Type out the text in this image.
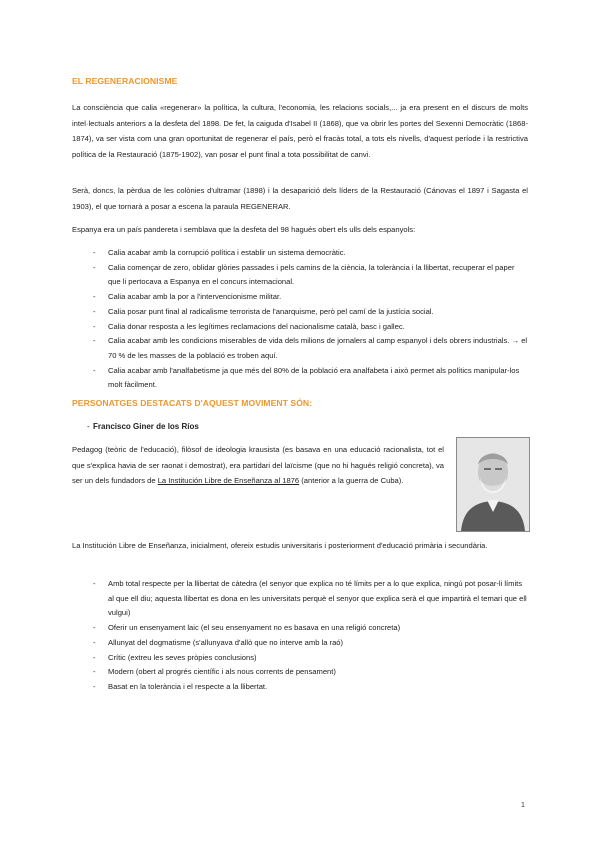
EL REGENERACIONISME

La consciència que calia «regenerar» la política, la cultura, l'economia, les relacions socials,... ja era present en el discurs de molts intel·lectuals anteriors a la desfeta del 1898. De fet, la caiguda d'Isabel II (1868), que va obrir les portes del Sexenni Democràtic (1868-1874), va ser vista com una gran oportunitat de regenerar el país, però el fracàs total, a tots els nivells, d'aquest període i la restrictiva política de la Restauració (1875-1902), van posar el punt final a tota possibilitat de canvi.

Serà, doncs, la pèrdua de les colònies d'ultramar (1898) i la desaparició dels líders de la Restauració (Cánovas el 1897 i Sagasta el 1903), el que tornarà a posar a escena la paraula REGENERAR.

Espanya era un país pandereta i semblava que la desfeta del 98 hagués obert els ulls dels espanyols:

- Calia acabar amb la corrupció política i establir un sistema democràtic.
- Calia començar de zero, oblidar glòries passades i pels camins de la ciència, la tolerància i la llibertat, recuperar el paper que li pertocava a Espanya en el concurs internacional.
- Calia acabar amb la por a l'intervencionisme militar.
- Calia posar punt final al radicalisme terrorista de l'anarquisme, però pel camí de la justícia social.
- Calia donar resposta a les legítimes reclamacions del nacionalisme català, basc i gallec.
- Calia acabar amb les condicions miserables de vida dels milions de jornalers al camp espanyol i dels obrers industrials. → el 70 % de les masses de la població es troben aquí.
- Calia acabar amb l'analfabetisme ja que més del 80% de la població era analfabeta i això permet als polítics manipular-los molt fàcilment.
PERSONATGES DESTACATS D'AQUEST MOVIMENT SÓN:
- Francisco Giner de los Ríos

Pedagog (teòric de l'educació), filòsof de ideologia krausista (es basava en una educació racionalista, tot el que s'explica havia de ser raonat i demostrat), era partidari del laïcisme (que no hi hagués religió concreta), va ser un dels fundadors de La Institución Libre de Enseñanza al 1876 (anterior a la guerra de Cuba).

La Institución Libre de Enseñanza, inicialment, ofereix estudis universitaris i posteriorment d'educació primària i secundària.

- Amb total respecte per la llibertat de càtedra (el senyor que explica no té límits per a lo que explica, ningú pot posar-li límits al que ell diu; aquesta llibertat es dona en les universitats perquè el senyor que explica serà el que impartirà el temari que ell vulgui)
- Oferir un ensenyament laic (el seu ensenyament no es basava en una religió concreta)
- Allunyat del dogmatisme (s'allunyava d'allò que no interve amb la raó)
- Crític (extreu les seves pròpies conclusions)
- Modern (obert al progrés científic i als nous corrents de pensament)
- Basat en la tolerància i el respecte a la llibertat.
1
